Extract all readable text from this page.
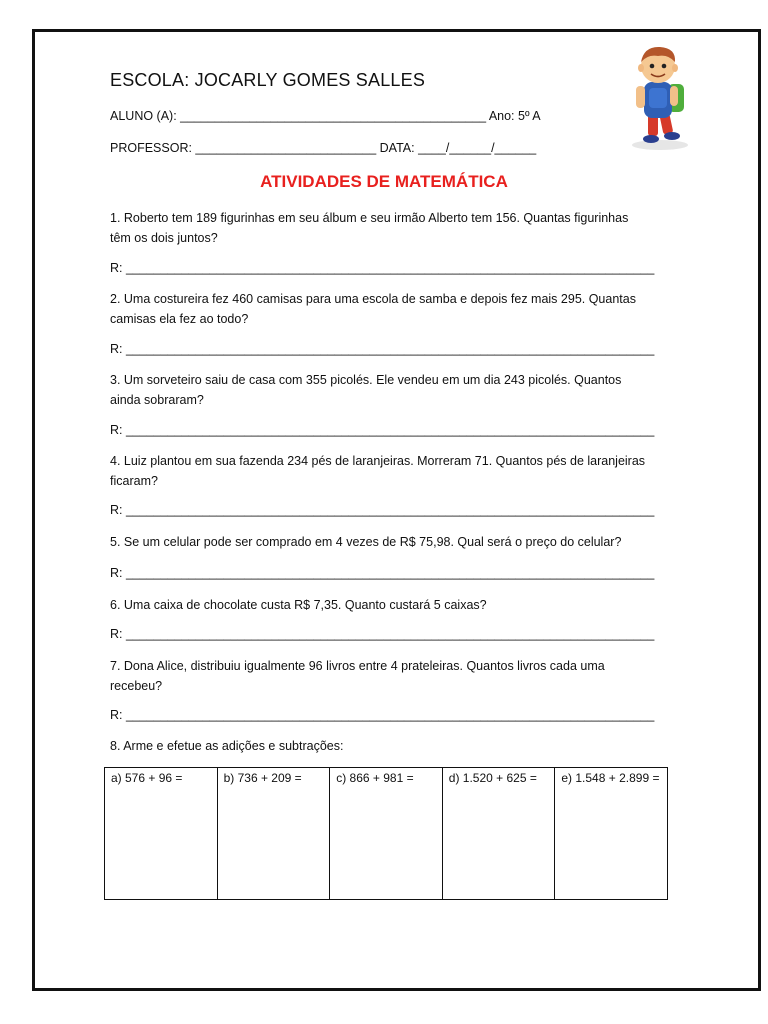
ESCOLA: JOCARLY GOMES SALLES
ALUNO (A): ____________________________________________ Ano: 5º A
PROFESSOR: __________________________ DATA: ____/______/______
ATIVIDADES DE MATEMÁTICA
1. Roberto tem 189 figurinhas em seu álbum e seu irmão Alberto tem 156. Quantas figurinhas têm os dois juntos?
R: ____________________________________________________________________________
2. Uma costureira fez 460 camisas para uma escola de samba e depois fez mais 295. Quantas camisas ela fez ao todo?
R: ____________________________________________________________________________
3. Um sorveteiro saiu de casa com 355 picolés. Ele vendeu em um dia 243 picolés. Quantos ainda sobraram?
R: ____________________________________________________________________________
4. Luiz plantou em sua fazenda 234 pés de laranjeiras. Morreram 71. Quantos pés de laranjeiras ficaram?
R: ____________________________________________________________________________
5. Se um celular pode ser comprado em 4 vezes de R$ 75,98. Qual será o preço do celular?
R: ____________________________________________________________________________
6. Uma caixa de chocolate custa R$ 7,35. Quanto custará 5 caixas?
R: ____________________________________________________________________________
7. Dona Alice, distribuiu igualmente 96 livros entre 4 prateleiras. Quantos livros cada uma recebeu?
R: ____________________________________________________________________________
8. Arme e efetue as adições e subtrações:
a) 576 + 96 =	b) 736 + 209 =	c) 866 + 981 =	d) 1.520 + 625 =	e) 1.548 + 2.899 =
